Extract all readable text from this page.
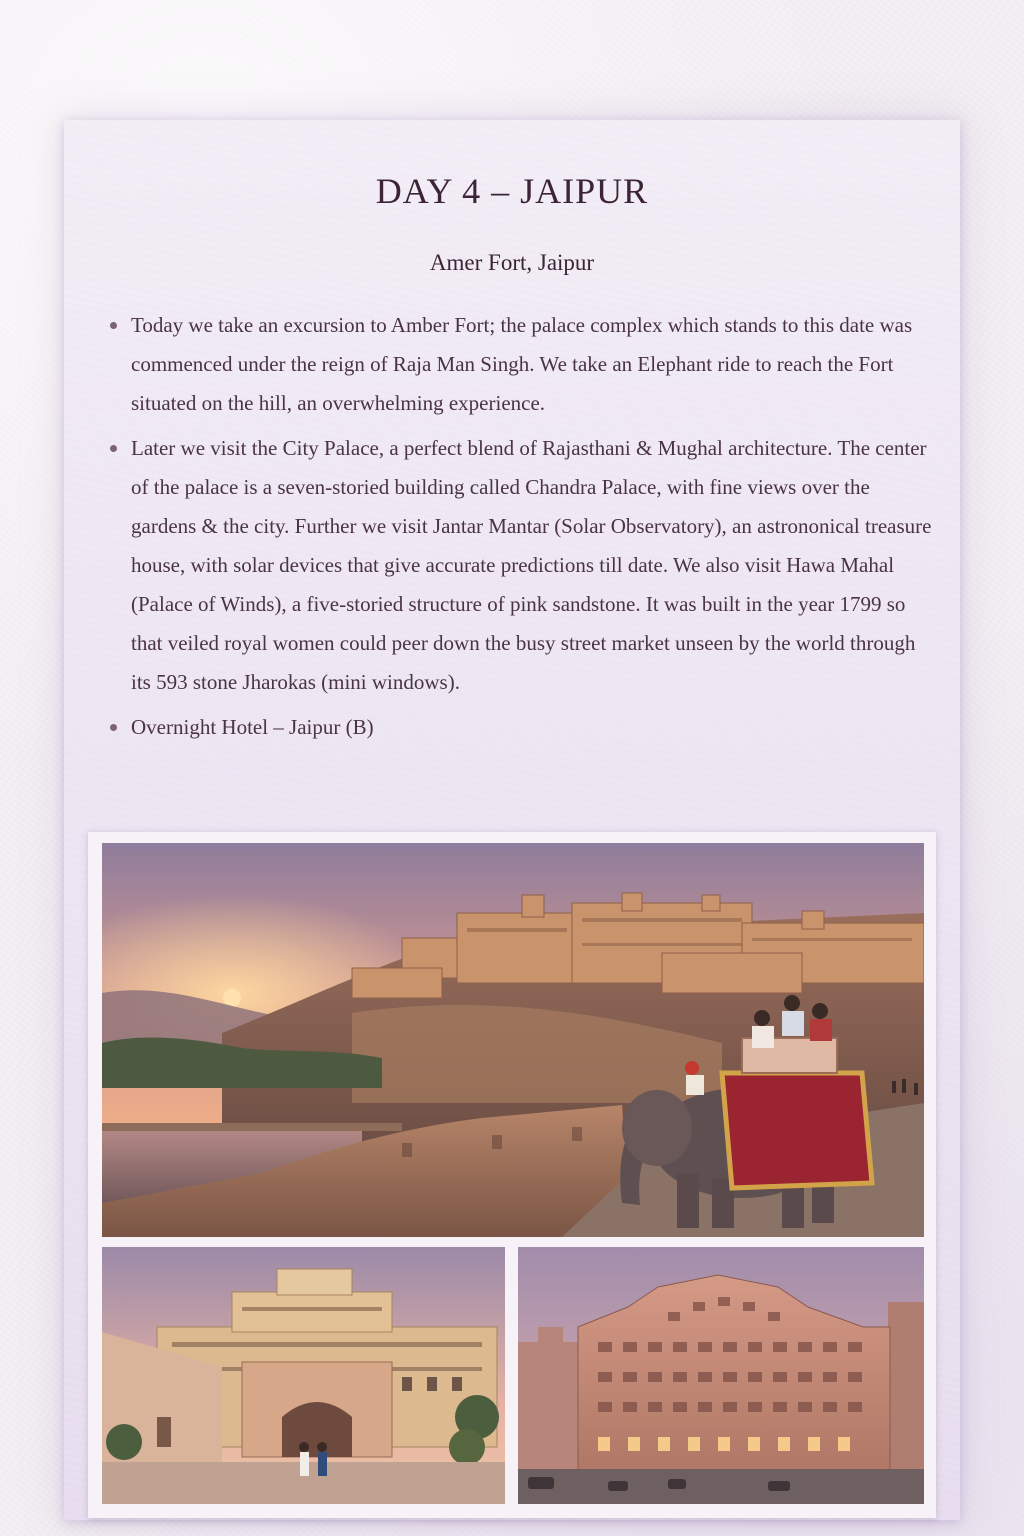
DAY 4 – JAIPUR
Amer Fort, Jaipur
Today we take an excursion to Amber Fort; the palace complex which stands to this date was commenced under the reign of Raja Man Singh. We take an Elephant ride to reach the Fort situated on the hill, an overwhelming experience.
Later we visit the City Palace, a perfect blend of Rajasthani & Mughal architecture. The center of the palace is a seven-storied building called Chandra Palace, with fine views over the gardens & the city. Further we visit Jantar Mantar (Solar Observatory), an astrononical treasure house, with solar devices that give accurate predictions till date. We also visit Hawa Mahal (Palace of Winds), a five-storied structure of pink sandstone. It was built in the year 1799 so that veiled royal women could peer down the busy street market unseen by the world through its 593 stone Jharokas (mini windows).
Overnight Hotel – Jaipur (B)
